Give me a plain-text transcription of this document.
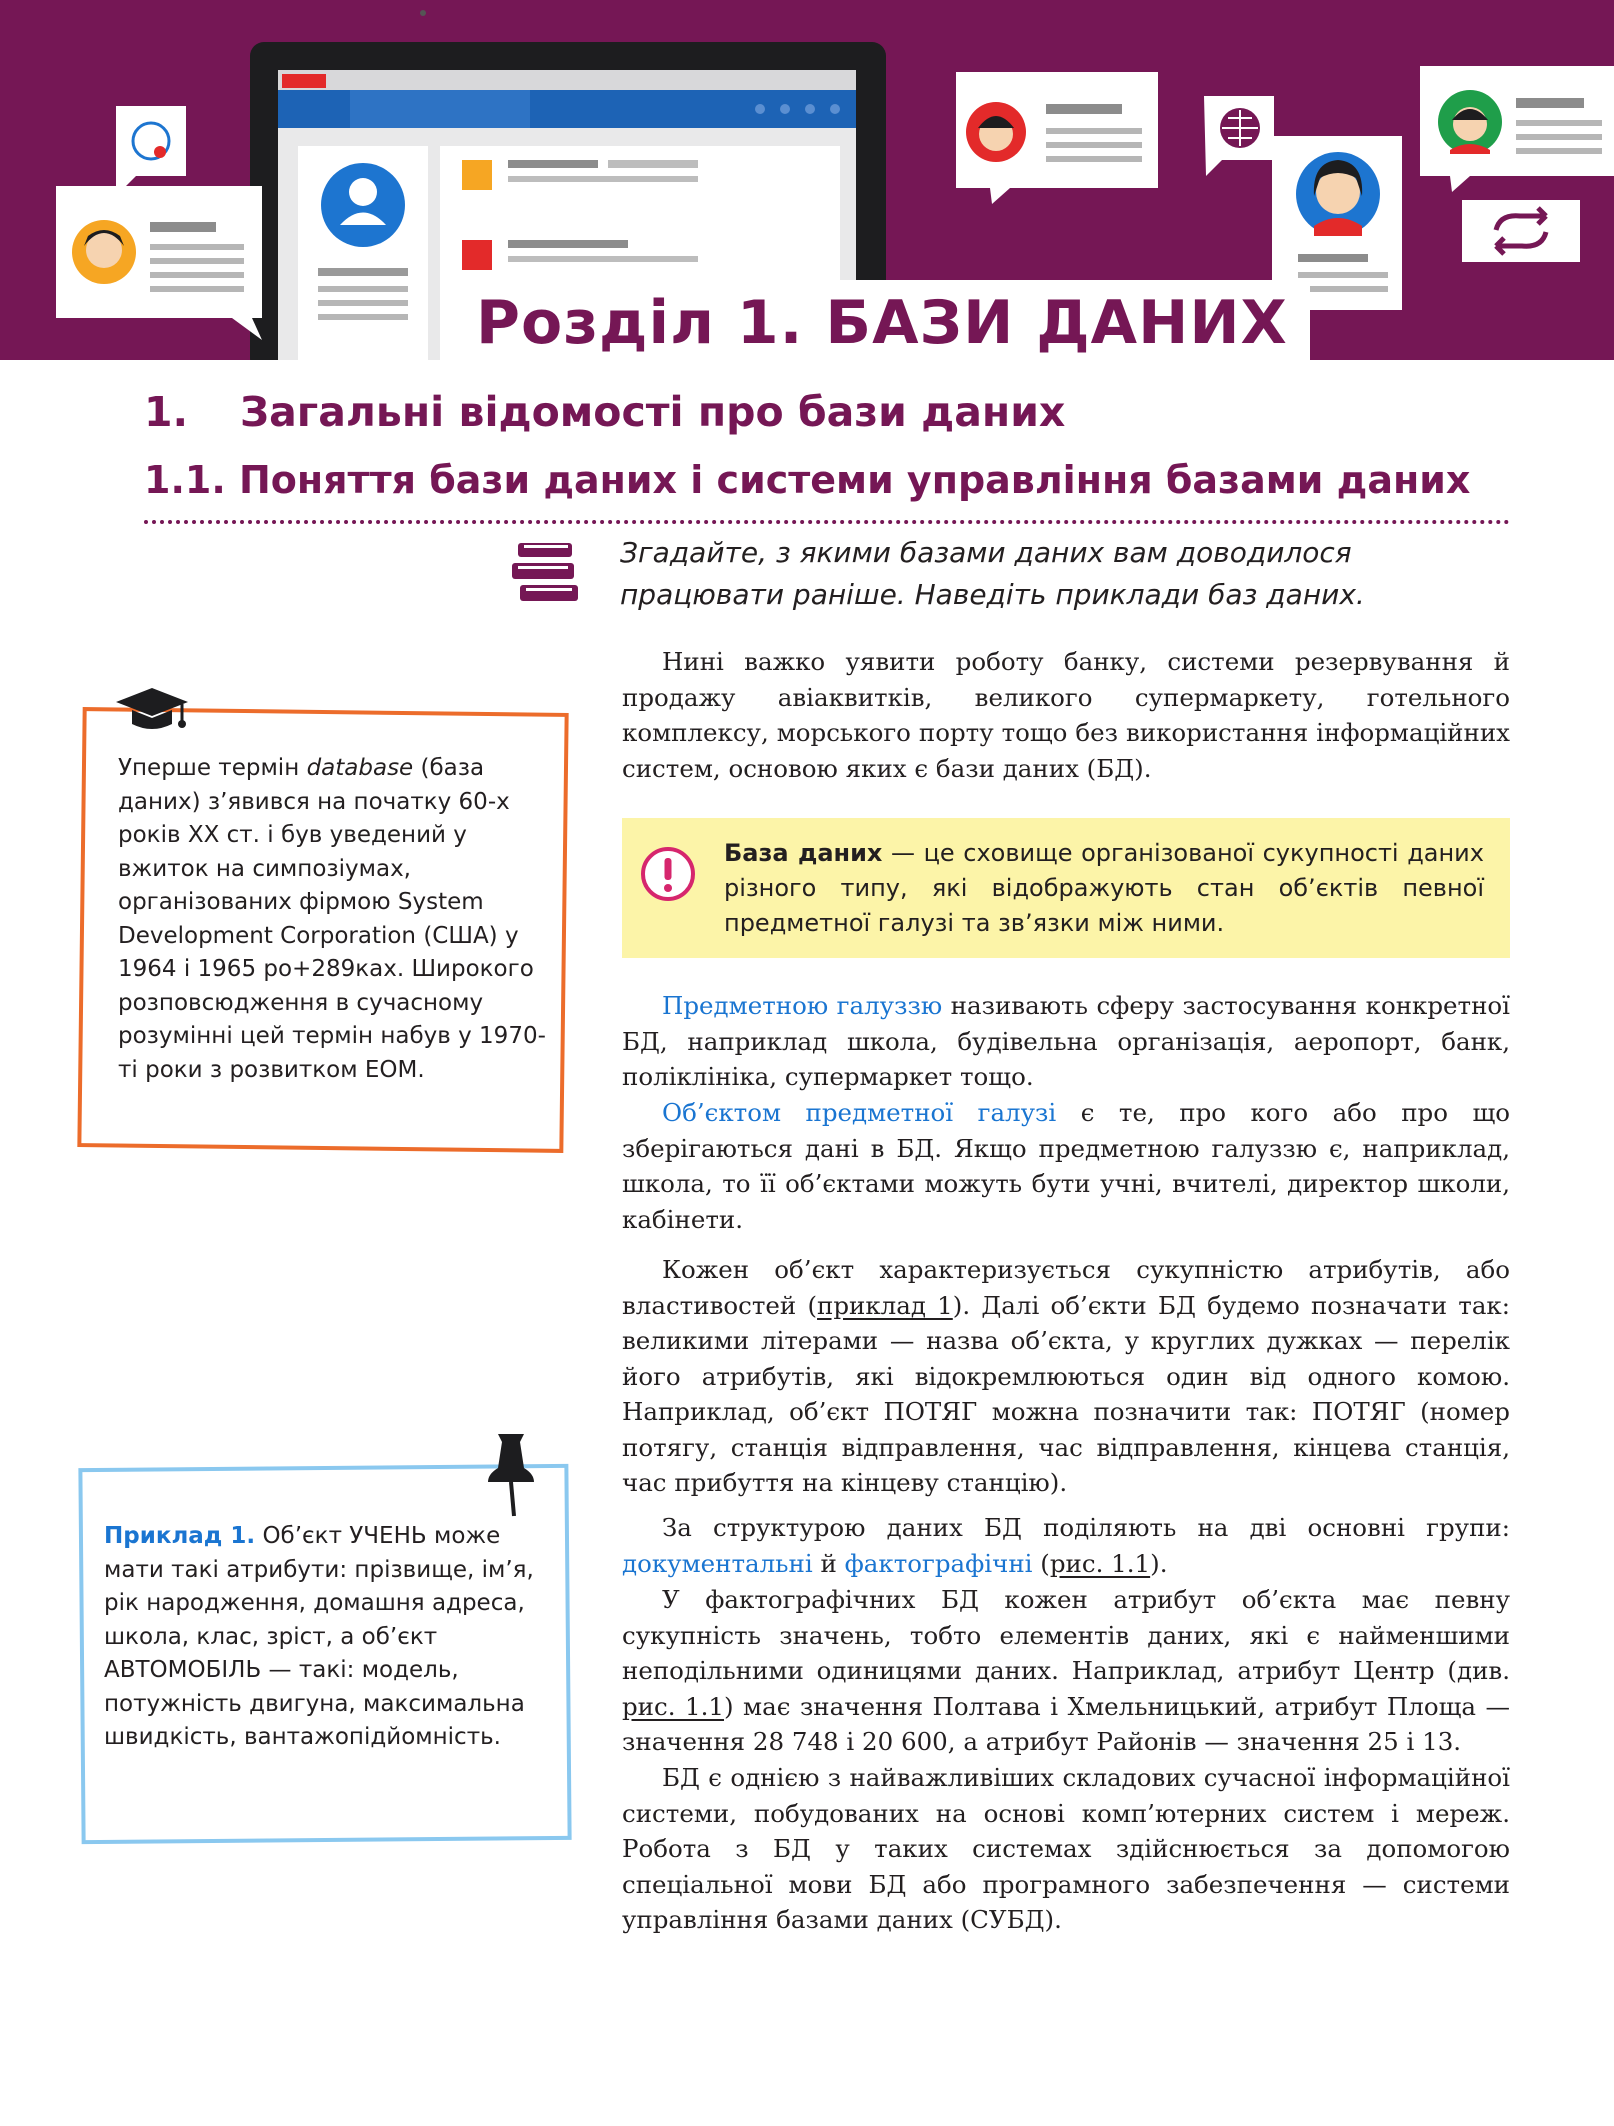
Розділ 1. БАЗИ ДАНИХ
1. Загальні відомості про бази даних
1.1. Поняття бази даних і системи управління базами даних
Згадайте, з якими базами даних вам доводилося працювати раніше. Наведіть приклади баз даних.

Нині важко уявити роботу банку, системи резервування й продажу авіаквитків, великого супермаркету, готельного комплексу, морського порту тощо без використання інформаційних систем, основою яких є бази даних (БД).

База даних — це сховище організованої сукупності даних різного типу, які відображують стан об’єктів певної предметної галузі та зв’язки між ними.

Предметною галуззю називають сферу застосування конкретної БД, наприклад школа, будівельна організація, аеропорт, банк, поліклініка, супермаркет тощо.

Об’єктом предметної галузі є те, про кого або про що зберігаються дані в БД. Якщо предметною галуззю є, наприклад, школа, то її об’єктами можуть бути учні, вчителі, директор школи, кабінети.

Кожен об’єкт характеризується сукупністю атрибутів, або властивостей (приклад 1). Далі об’єкти БД будемо позначати так: великими літерами — назва об’єкта, у круглих дужках — перелік його атрибутів, які відокремлюються один від одного комою. Наприклад, об’єкт ПОТЯГ можна позначити так: ПОТЯГ (номер потягу, станція відправлення, час відправлення, кінцева станція, час прибуття на кінцеву станцію).

За структурою даних БД поділяють на дві основні групи: документальні й фактографічні (рис. 1.1).

У фактографічних БД кожен атрибут об’єкта має певну сукупність значень, тобто елементів даних, які є найменшими неподільними одиницями даних. Наприклад, атрибут Центр (див. рис. 1.1) має значення Полтава і Хмельницький, атрибут Площа — значення 28 748 і 20 600, а атрибут Районів — значення 25 і 13.

БД є однією з найважливіших складових сучасної інформаційної системи, побудованих на основі комп’ютерних систем і мереж. Робота з БД у таких системах здійснюється за допомогою спеціальної мови БД або програмного забезпечення — системи управління базами даних (СУБД).

Уперше термін database (база даних) з’явився на початку 60-х років XX ст. і був уведений у вжиток на симпозіумах, організованих фірмою System Development Corporation (США) у 1964 і 1965 ро+289ках. Широкого розповсюдження в сучасному розумінні цей термін набув у 1970-ті роки з розвитком ЕОМ.
Приклад 1. Об’єкт УЧЕНЬ може мати такі атрибути: прізвище, ім’я, рік народження, домашня адреса, школа, клас, зріст, а об’єкт АВТОМОБІЛЬ — такі: модель, потужність двигуна, максимальна швидкість, вантажопідйомність.
